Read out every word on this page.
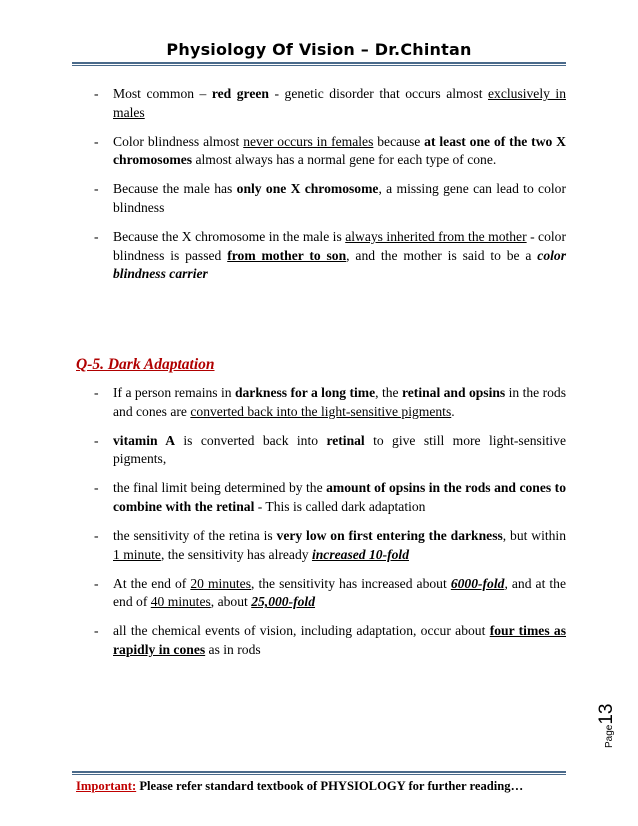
Physiology Of Vision – Dr.Chintan
- Most common – red green - genetic disorder that occurs almost exclusively in males
- Color blindness almost never occurs in females because at least one of the two X chromosomes almost always has a normal gene for each type of cone.
- Because the male has only one X chromosome, a missing gene can lead to color blindness
- Because the X chromosome in the male is always inherited from the mother - color blindness is passed from mother to son, and the mother is said to be a color blindness carrier
Q-5. Dark Adaptation
- If a person remains in darkness for a long time, the retinal and opsins in the rods and cones are converted back into the light-sensitive pigments.
- vitamin A is converted back into retinal to give still more light-sensitive pigments,
- the final limit being determined by the amount of opsins in the rods and cones to combine with the retinal - This is called dark adaptation
- the sensitivity of the retina is very low on first entering the darkness, but within 1 minute, the sensitivity has already increased 10-fold
- At the end of 20 minutes, the sensitivity has increased about 6000-fold, and at the end of 40 minutes, about 25,000-fold
- all the chemical events of vision, including adaptation, occur about four times as rapidly in cones as in rods
Page13
Important: Please refer standard textbook of PHYSIOLOGY for further reading…
